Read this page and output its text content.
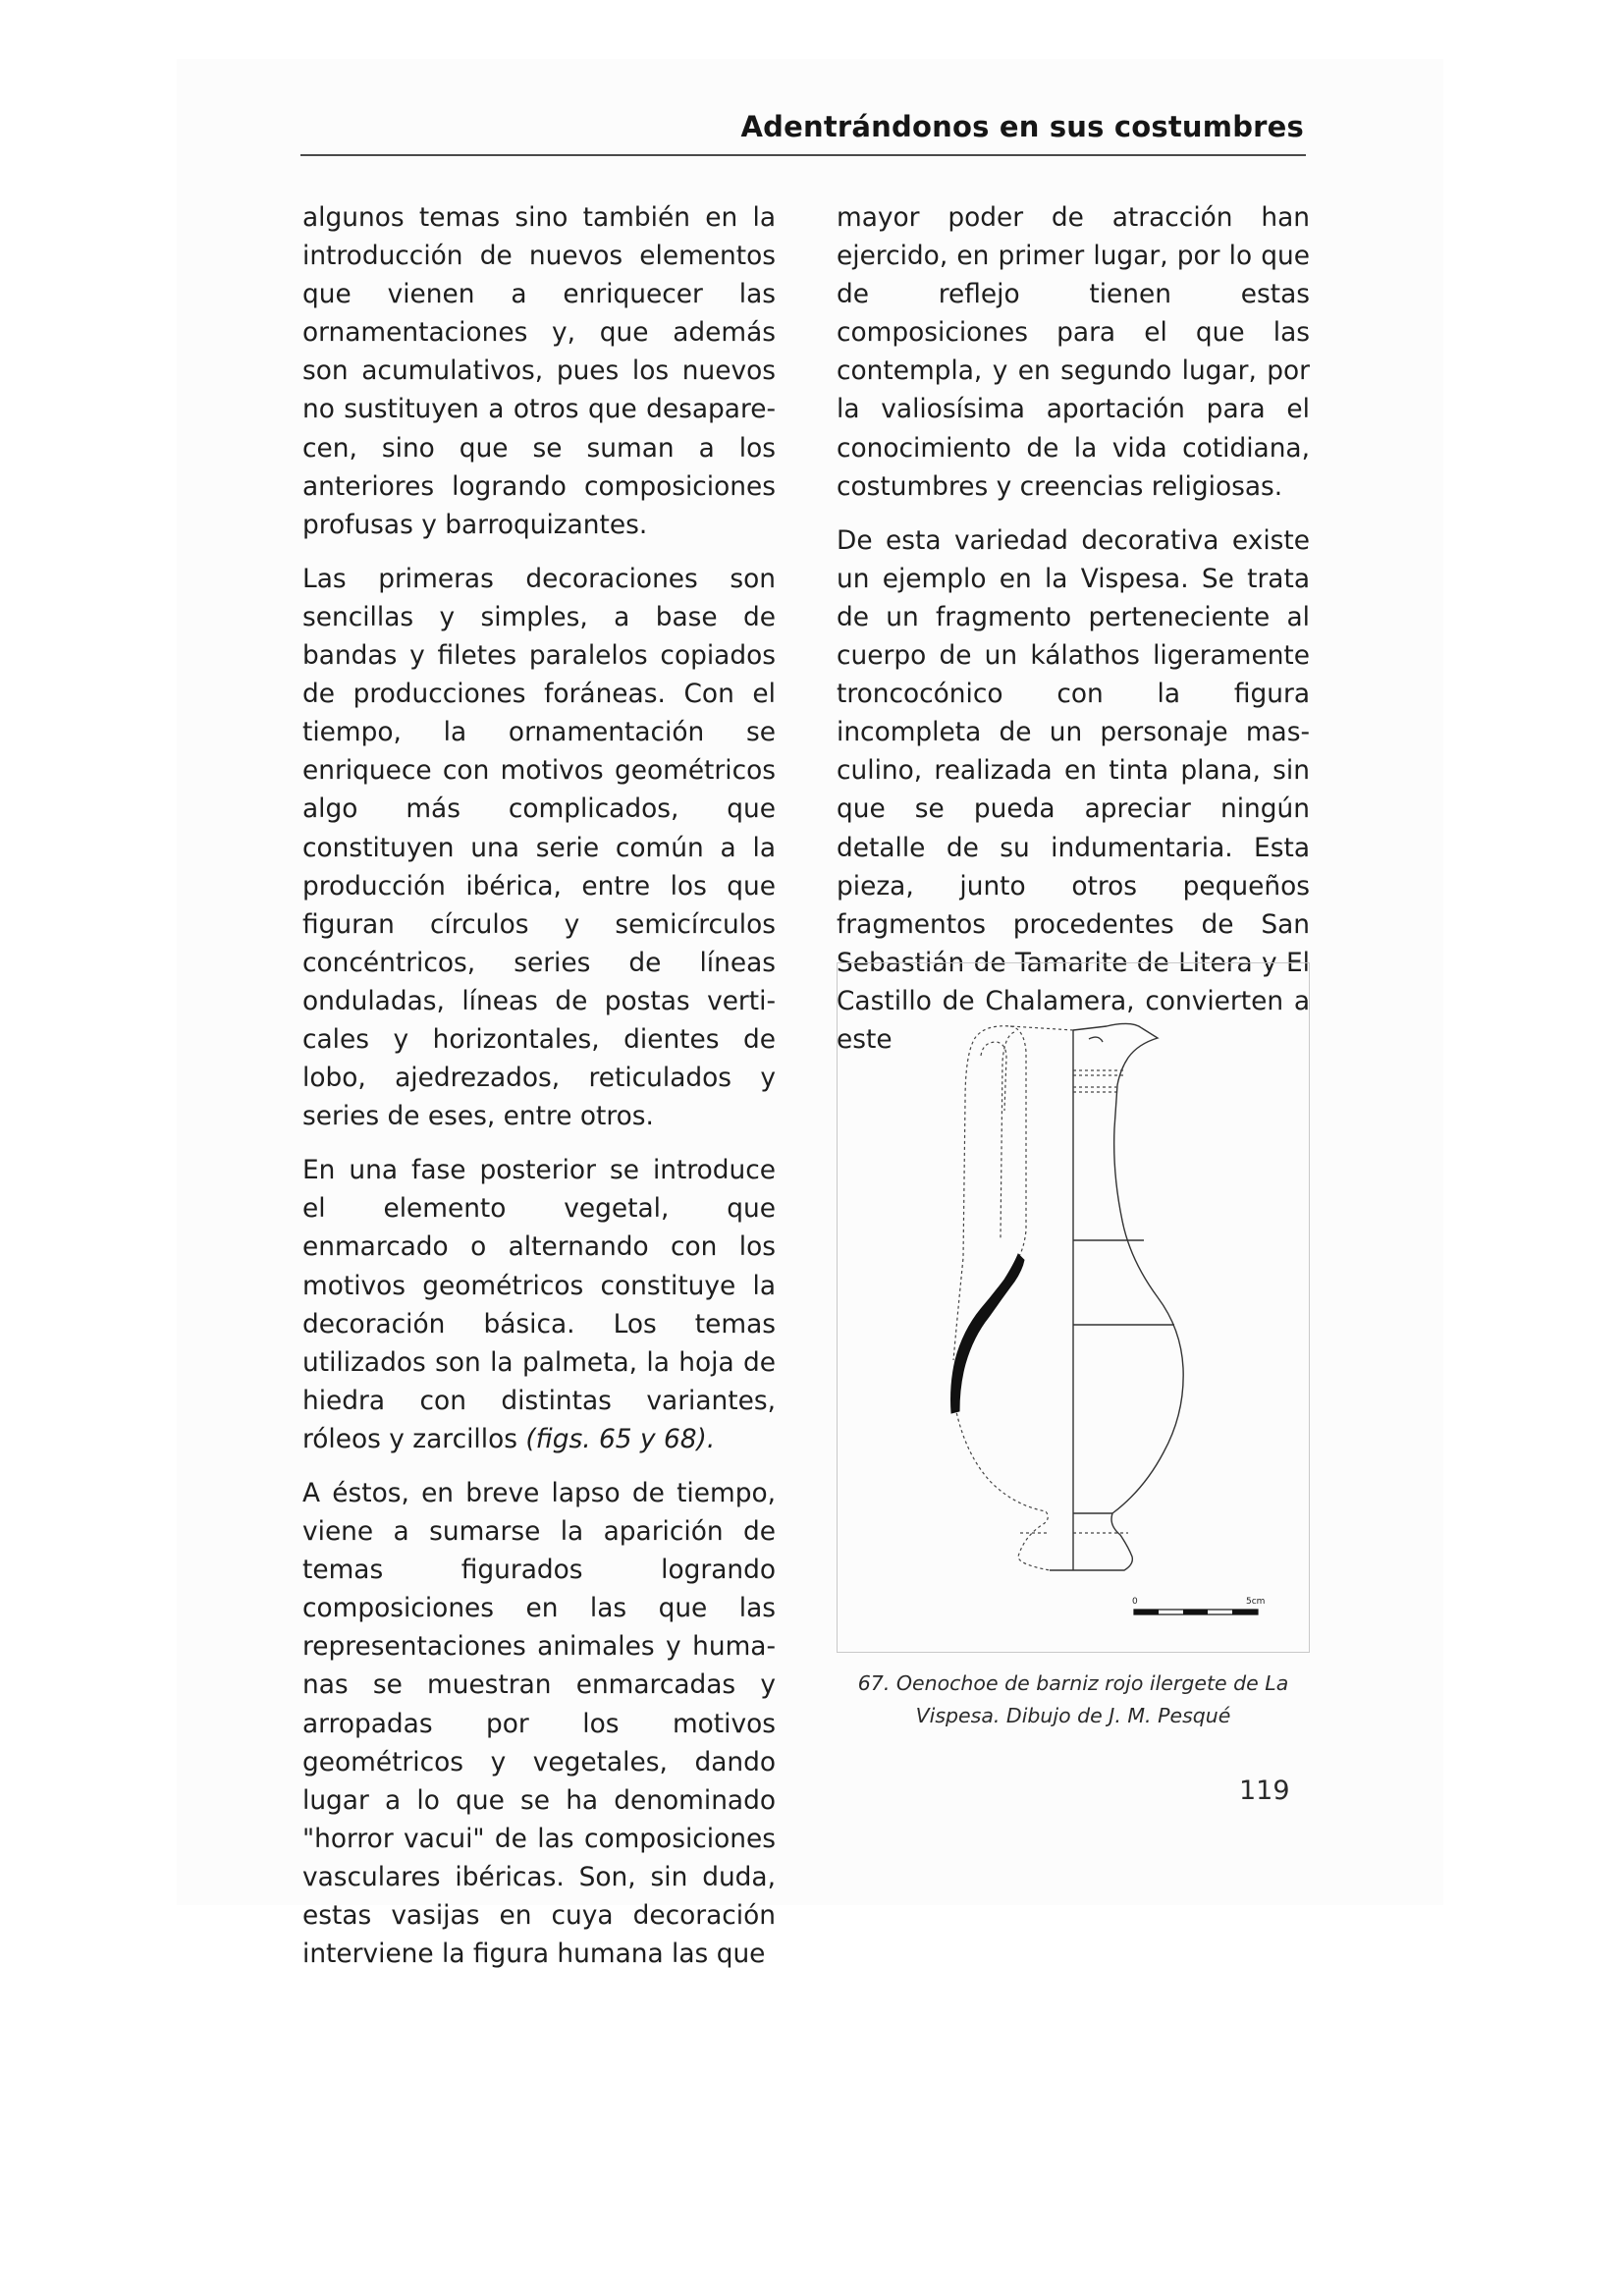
Adentrándonos en sus costumbres

algunos temas sino también en la introducción de nuevos elementos que vienen a enriquecer las ornamentaciones y, que además son acumulativos, pues los nuevos no sustituyen a otros que desaparecen, sino que se suman a los anteriores logrando composiciones profusas y barroquizantes.

Las primeras decoraciones son sencillas y simples, a base de bandas y filetes paralelos copiados de producciones foráneas. Con el tiempo, la ornamentación se enriquece con motivos geométricos algo más complicados, que constituyen una serie común a la producción ibérica, entre los que figuran círculos y semicírculos concéntricos, series de líneas onduladas, líneas de postas verticales y horizontales, dientes de lobo, ajedrezados, reticulados y series de eses, entre otros.

En una fase posterior se introduce el elemento vegetal, que enmarcado o alternando con los motivos geométricos constituye la decoración básica. Los temas utilizados son la palmeta, la hoja de hiedra con distintas variantes, róleos y zarcillos (figs. 65 y 68).

A éstos, en breve lapso de tiempo, viene a sumarse la aparición de temas figurados logrando composiciones en las que las representaciones animales y humanas se muestran enmarcadas y arropadas por los motivos geométricos y vegetales, dando lugar a lo que se ha denominado "horror vacui" de las composiciones vasculares ibéricas. Son, sin duda, estas vasijas en cuya decoración interviene la figura humana las que

mayor poder de atracción han ejercido, en primer lugar, por lo que de reflejo tienen estas composiciones para el que las contempla, y en segundo lugar, por la valiosísima aportación para el conocimiento de la vida cotidiana, costumbres y creencias religiosas.

De esta variedad decorativa existe un ejemplo en la Vispesa. Se trata de un fragmento perteneciente al cuerpo de un kálathos ligeramente troncocónico con la figura incompleta de un personaje masculino, realizada en tinta plana, sin que se pueda apreciar ningún detalle de su indumentaria. Esta pieza, junto otros pequeños fragmentos procedentes de San Sebastián de Tamarite de Litera y El Castillo de Chalamera, convierten a este

0	5cm
67. Oenochoe de barniz rojo ilergete de La
Vispesa. Dibujo de J. M. Pesqué
119
